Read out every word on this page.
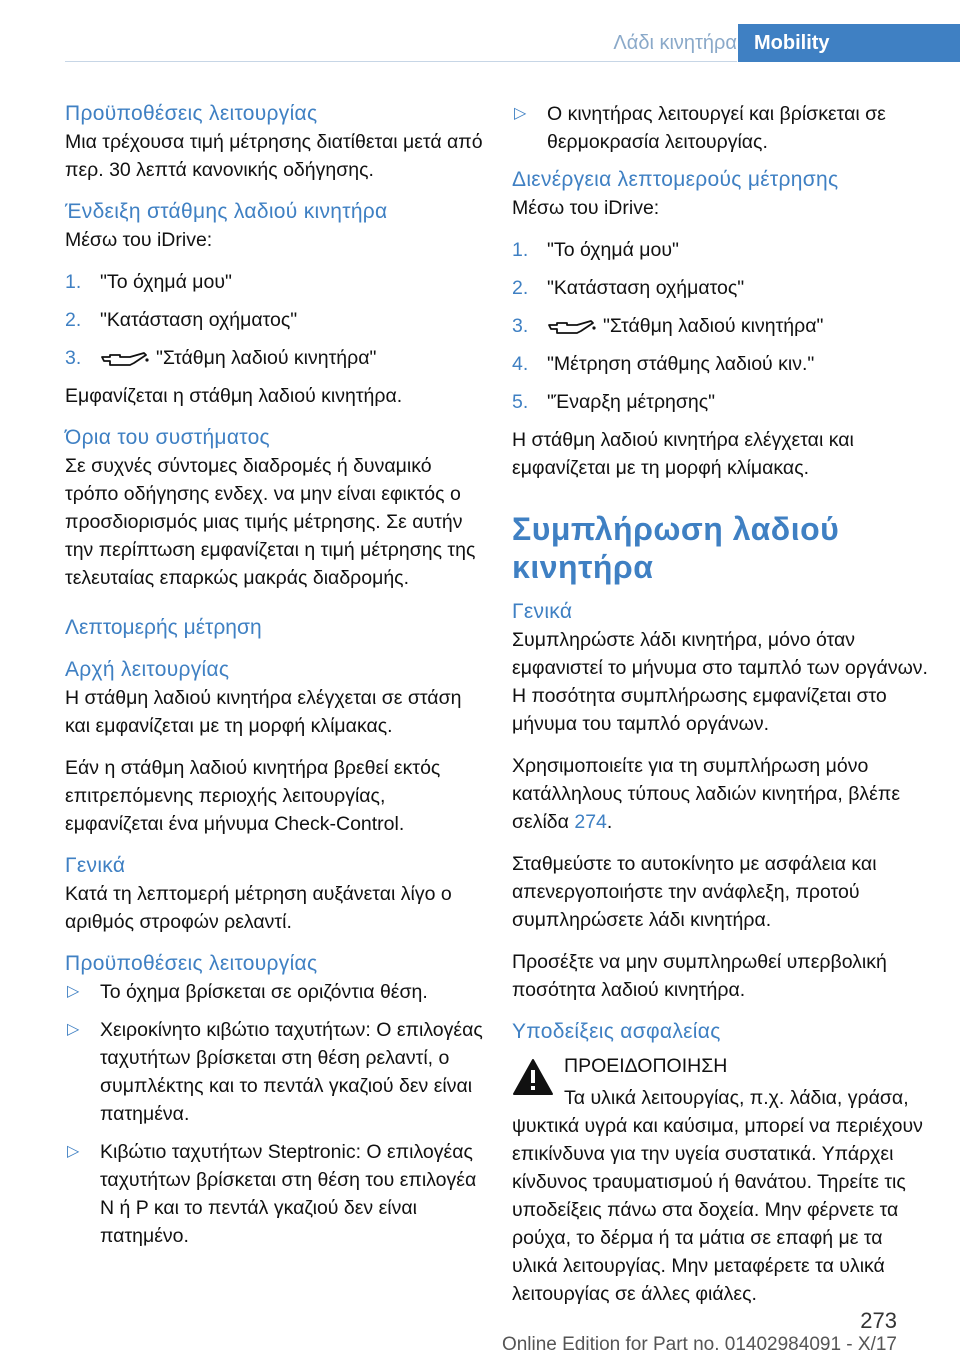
Λάδι κινητήρα Mobility
Προϋποθέσεις λειτουργίας

Μια τρέχουσα τιμή μέτρησης διατίθεται μετά από περ. 30 λεπτά κανονικής οδήγησης.

Ένδειξη στάθμης λαδιού κινητήρα

Μέσω του iDrive:

1. "Το όχημά μου"
2. "Κατάσταση οχήματος"
3.	"Στάθμη λαδιού κινητήρα"

Εμφανίζεται η στάθμη λαδιού κινητήρα.

Όρια του συστήματος

Σε συχνές σύντομες διαδρομές ή δυναμικό τρόπο οδήγησης ενδεχ. να μην είναι εφικτός ο προσδιορισμός μιας τιμής μέτρησης. Σε αυτήν την περίπτωση εμφανίζεται η τιμή μέτρησης της τελευταίας επαρκώς μακράς διαδρομής.

Λεπτομερής μέτρηση
Αρχή λειτουργίας

Η στάθμη λαδιού κινητήρα ελέγχεται σε στάση και εμφανίζεται με τη μορφή κλίμακας.

Εάν η στάθμη λαδιού κινητήρα βρεθεί εκτός επιτρεπόμενης περιοχής λειτουργίας, εμφανίζεται ένα μήνυμα Check-Control.

Γενικά

Κατά τη λεπτομερή μέτρηση αυξάνεται λίγο ο αριθμός στροφών ρελαντί.

Προϋποθέσεις λειτουργίας
▷ Το όχημα βρίσκεται σε οριζόντια θέση.
▷ Χειροκίνητο κιβώτιο ταχυτήτων: Ο επιλογέας ταχυτήτων βρίσκεται στη θέση ρελαντί, ο συμπλέκτης και το πεντάλ γκαζιού δεν είναι πατημένα.
▷ Κιβώτιο ταχυτήτων Steptronic: Ο επιλογέας ταχυτήτων βρίσκεται στη θέση του επιλογέα N ή P και το πεντάλ γκαζιού δεν είναι πατημένο.
▷ Ο κινητήρας λειτουργεί και βρίσκεται σε θερμοκρασία λειτουργίας.
Διενέργεια λεπτομερούς μέτρησης

Μέσω του iDrive:

1. "Το όχημά μου"
2. "Κατάσταση οχήματος"
3.	"Στάθμη λαδιού κινητήρα"
4. "Μέτρηση στάθμης λαδιού κιν."
5. "Έναρξη μέτρησης"

Η στάθμη λαδιού κινητήρα ελέγχεται και εμφανίζεται με τη μορφή κλίμακας.

Συμπλήρωση λαδιού κινητήρα
Γενικά

Συμπληρώστε λάδι κινητήρα, μόνο όταν εμφανιστεί το μήνυμα στο ταμπλό των οργάνων. Η ποσότητα συμπλήρωσης εμφανίζεται στο μήνυμα του ταμπλό οργάνων.

Χρησιμοποιείτε για τη συμπλήρωση μόνο κατάλληλους τύπους λαδιών κινητήρα, βλέπε σελίδα 274.

Σταθμεύστε το αυτοκίνητο με ασφάλεια και απενεργοποιήστε την ανάφλεξη, προτού συμπληρώσετε λάδι κινητήρα.

Προσέξτε να μην συμπληρωθεί υπερβολική ποσότητα λαδιού κινητήρα.

Υποδείξεις ασφαλείας
ΠΡΟΕΙΔΟΠΟΙΗΣΗ

Τα υλικά λειτουργίας, π.χ. λάδια, γράσα, ψυκτικά υγρά και καύσιμα, μπορεί να περιέχουν επικίνδυνα για την υγεία συστατικά. Υπάρχει κίνδυνος τραυματισμού ή θανάτου. Τηρείτε τις υποδείξεις πάνω στα δοχεία. Μην φέρνετε τα ρούχα, το δέρμα ή τα μάτια σε επαφή με τα υλικά λειτουργίας. Μην μεταφέρετε τα υλικά λειτουργίας σε άλλες φιάλες.

273
Online Edition for Part no. 01402984091 - X/17
